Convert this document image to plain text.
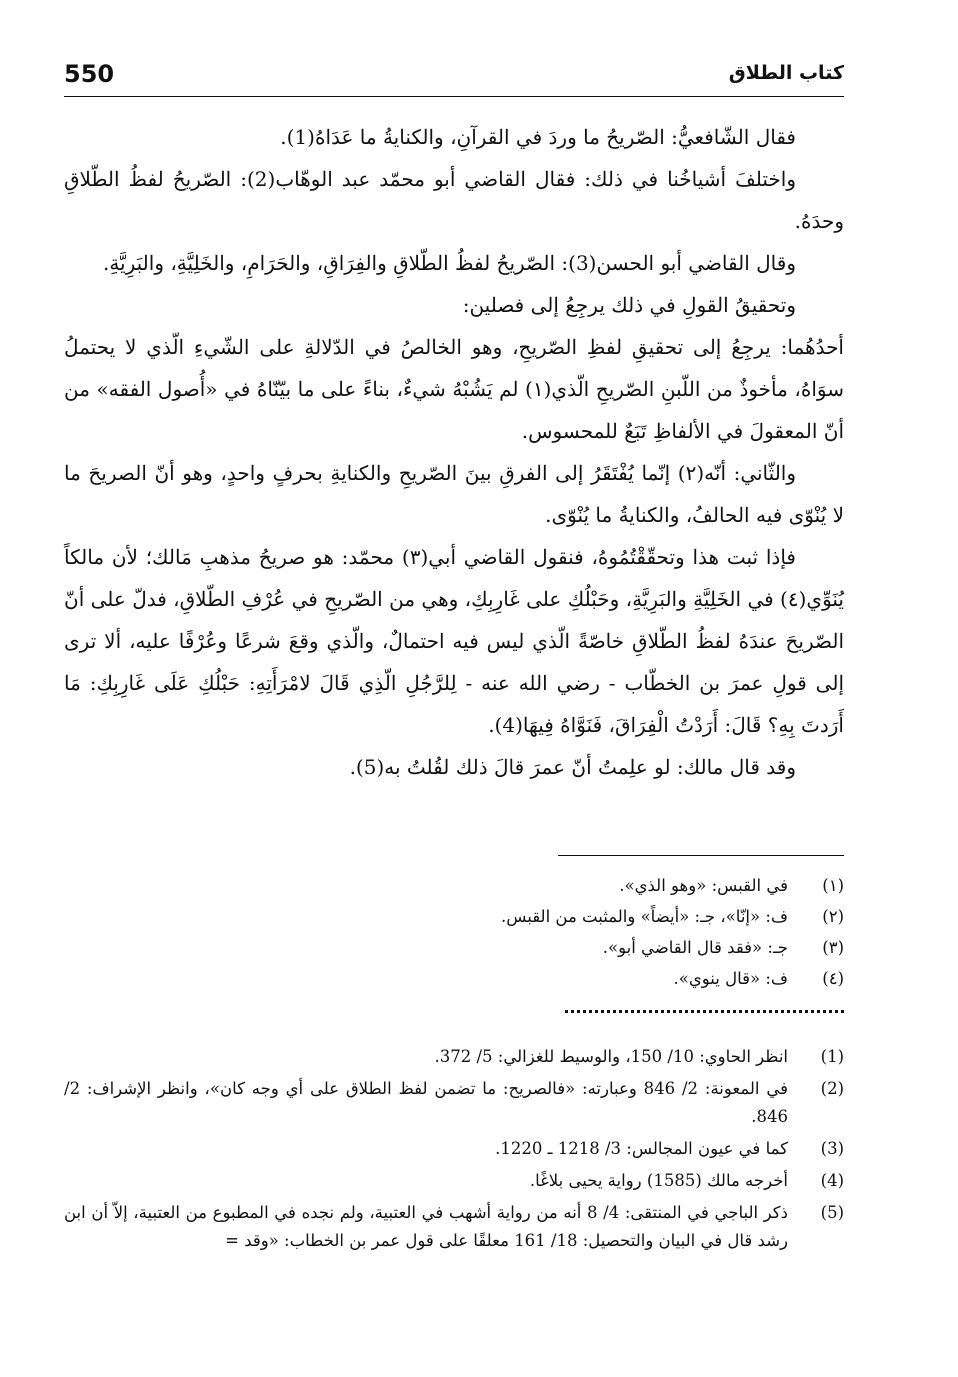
550	كتاب الطلاق

فقال الشّافعيُّ: الصّريحُ ما وردَ في القرآنِ، والكنايةُ ما عَدَاهُ(1).

واختلفَ أشياخُنا في ذلك: فقال القاضي أبو محمّد عبد الوهّاب(2): الصّريحُ لفظُ الطّلاقِ وحدَهُ.

وقال القاضي أبو الحسن(3): الصّريحُ لفظُ الطّلاقِ والفِرَاقِ، والحَرَامِ، والخَلِيَّةِ، والبَرِيَّةِ.

وتحقيقُ القولِ في ذلك يرجِعُ إلى فصلين:

أحدُهُما: يرجِعُ إلى تحقيقِ لفظِ الصّريحِ، وهو الخالصُ في الدّلالةِ على الشّيءِ الّذي لا يحتملُ سوَاهُ، مأخوذٌ من اللّبنِ الصّريحِ الّذي(١) لم يَشُبْهُ شيءٌ، بناءً على ما بيّنّاهُ في «أُصول الفقه» من أنّ المعقولَ في الألفاظِ تَبَعٌ للمحسوس.

والثّاني: أنّه(٢) إنّما يُفْتَقَرُ إلى الفرقِ بينَ الصّريحِ والكنايةِ بحرفٍ واحدٍ، وهو أنّ الصريحَ ما لا يُنْوّى فيه الحالفُ، والكنايةُ ما يُنْوّى.

فإذا ثبت هذا وتحقّقْتُمُوهُ، فنقول القاضي أبي(٣) محمّد: هو صريحُ مذهبِ مَالك؛ لأن مالكاً يُنَوِّي(٤) في الخَلِيَّةِ والبَرِيَّةِ، وحَبْلُكِ على غَارِبِكِ، وهي من الصّريحِ في عُرْفِ الطّلاقِ، فدلّ على أنّ الصّريحَ عندَهُ لفظُ الطّلاقِ خاصّةً الّذي ليس فيه احتمالٌ، والّذي وقعَ شرعًا وعُرْفًا عليه، ألا ترى إلى قولِ عمرَ بن الخطّاب - رضي الله عنه - لِلرَّجُلِ الّذِي قَالَ لامْرَأَتِهِ: حَبْلُكِ عَلَى غَارِبِكِ: مَا أَرَدتَ بِهِ؟ قَالَ: أَرَدْتُ الْفِرَاقَ، فَنَوَّاهُ فِيهَا(4).

وقد قال مالك: لو علِمتُ أنّ عمرَ قالَ ذلك لقُلتُ به(5).

(١)
في القبس: «وهو الذي».
(٢)
ف: «إنّا»، جـ: «أيضاً» والمثبت من القبس.
(٣)
جـ: «فقد قال القاضي أبو».
(٤)
ف: «قال ينوي».
(1)
انظر الحاوي: 10/ 150، والوسيط للغزالي: 5/ 372.
(2)
في المعونة: 2/ 846 وعبارته: «فالصريح: ما تضمن لفظ الطلاق على أي وجه كان»، وانظر الإشراف: 2/ 846.
(3)
كما في عيون المجالس: 3/ 1218 ـ 1220.
(4)
أخرجه مالك (1585) رواية يحيى بلاغًا.
(5)
ذكر الباجي في المنتقى: 4/ 8 أنه من رواية أشهب في العتبية، ولم نجده في المطبوع من العتبية، إلاّ أن ابن رشد قال في البيان والتحصيل: 18/ 161 معلقًا على قول عمر بن الخطاب: «وقد =
